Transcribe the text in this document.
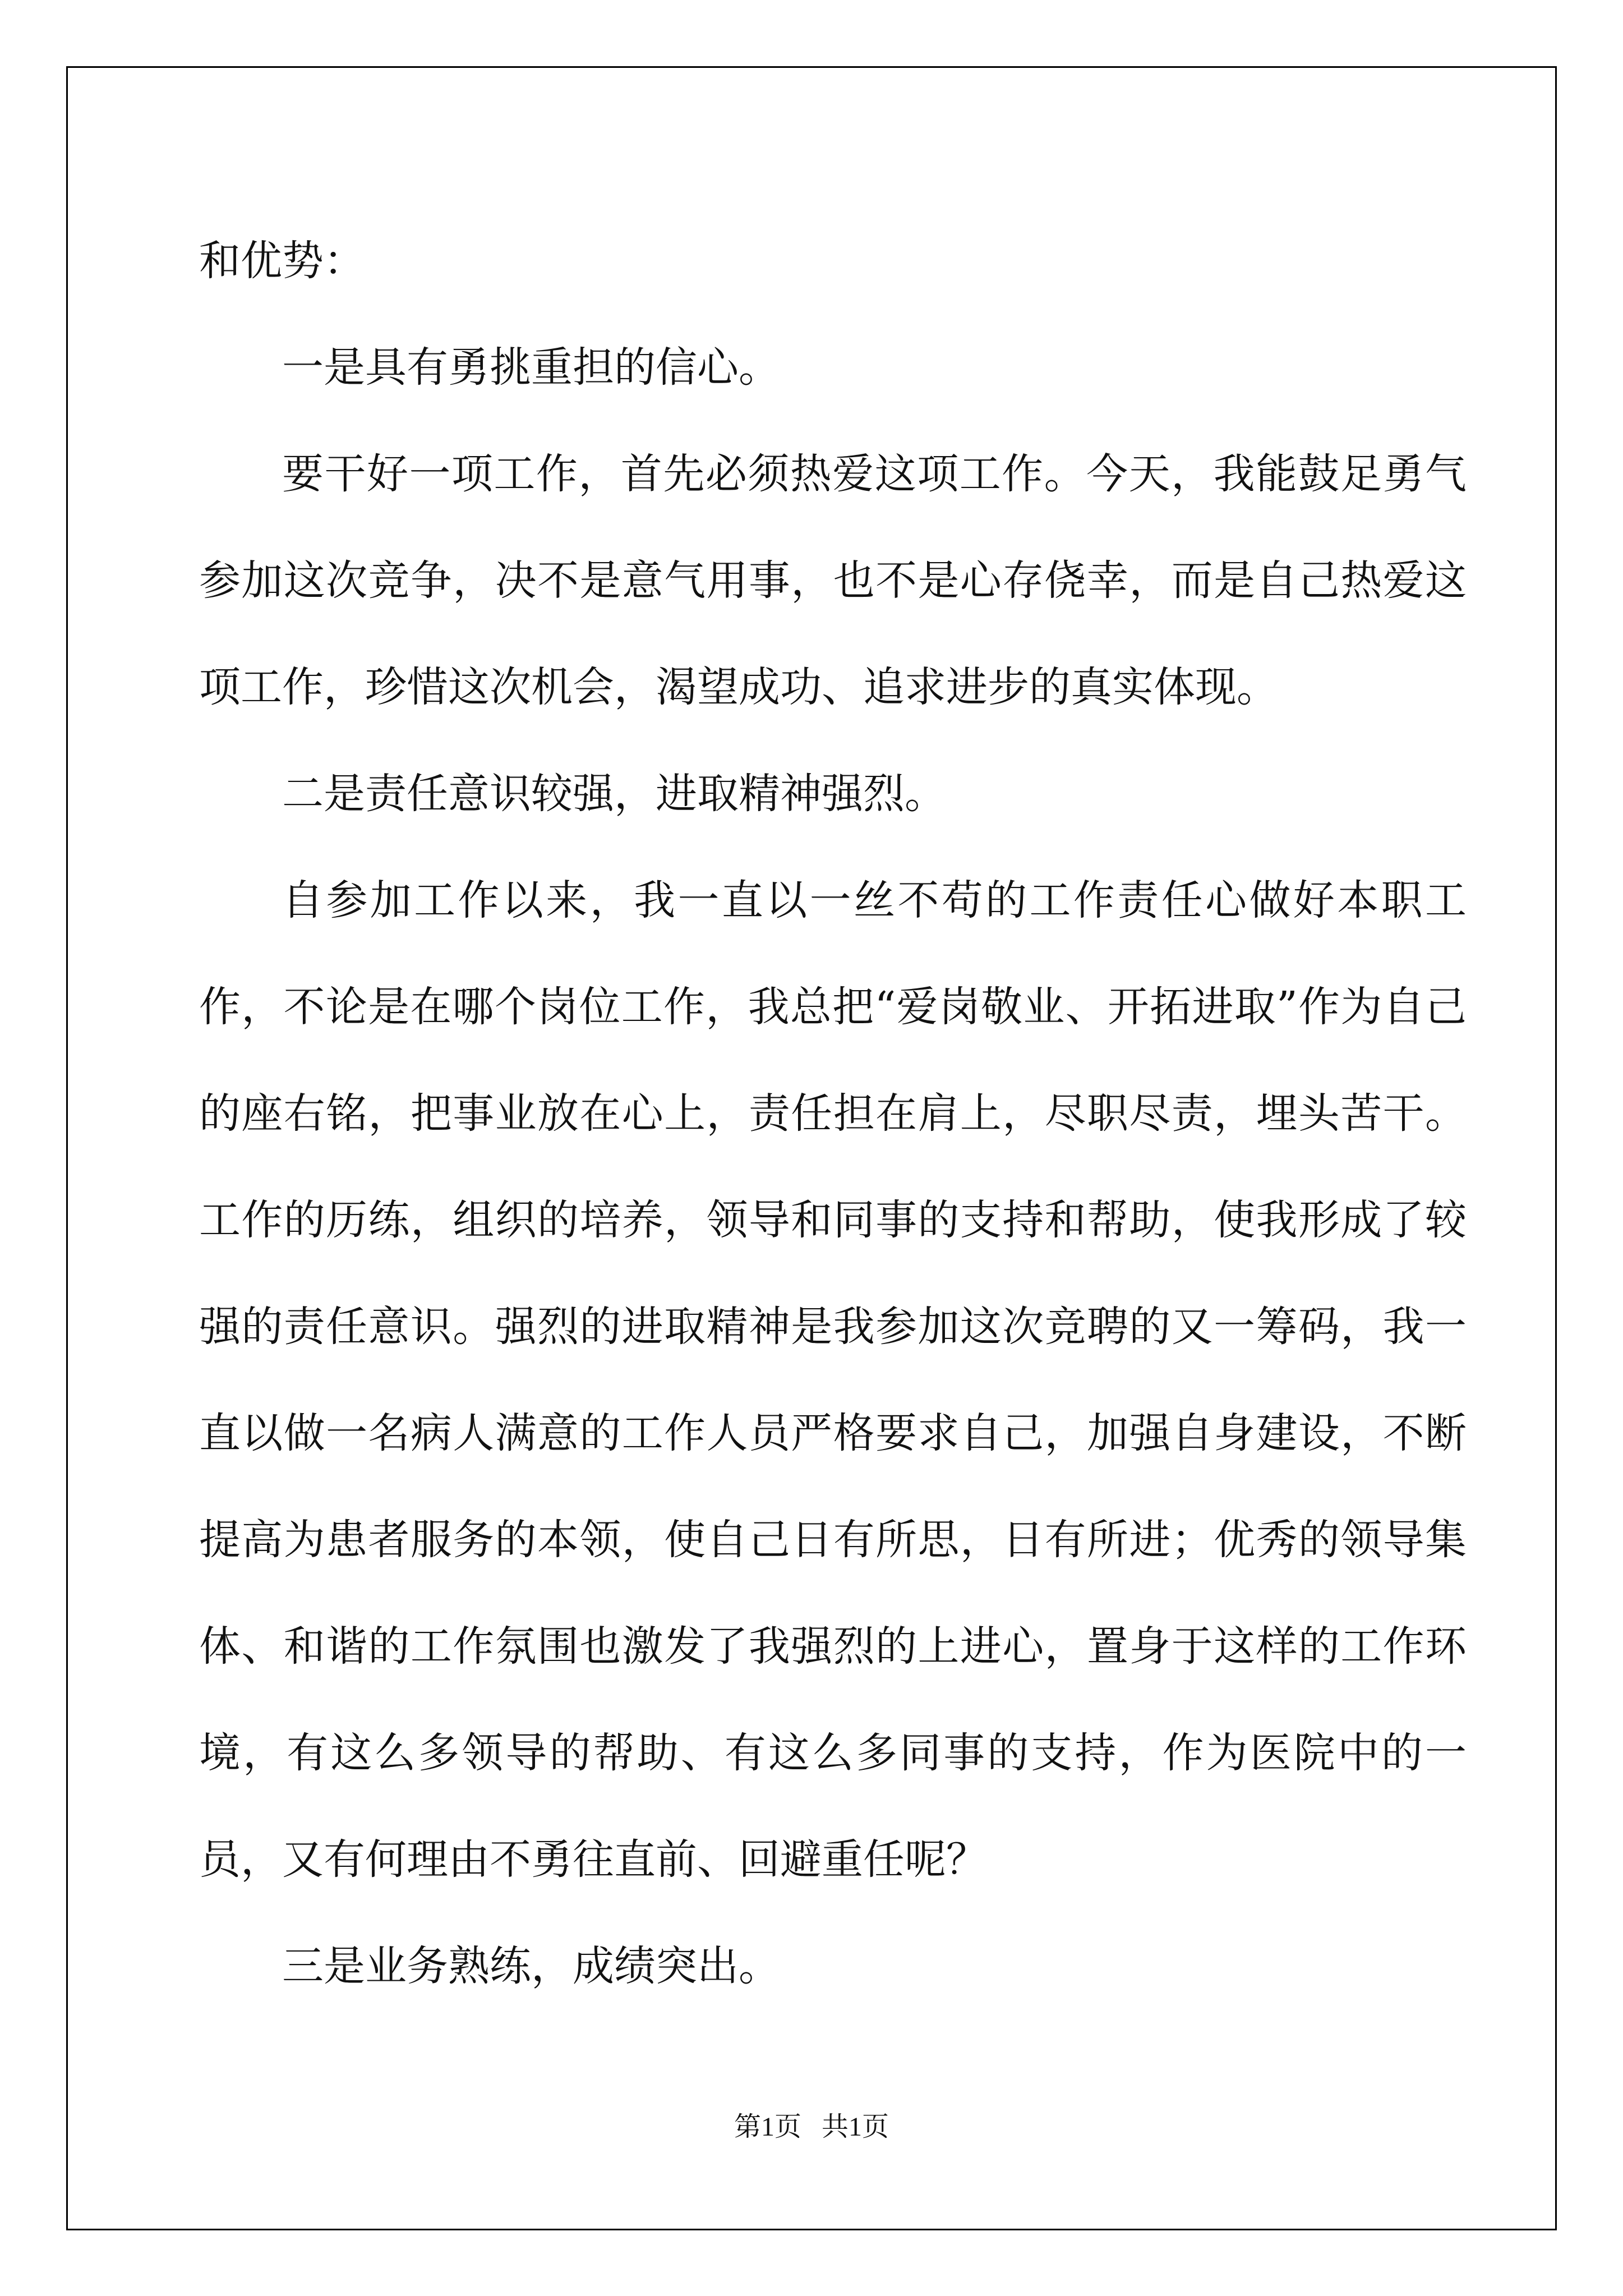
和优势：

一是具有勇挑重担的信心。

要干好一项工作，首先必须热爱这项工作。今天，我能鼓足勇气参加这次竞争，决不是意气用事，也不是心存侥幸，而是自己热爱这项工作，珍惜这次机会，渴望成功、追求进步的真实体现。

二是责任意识较强，进取精神强烈。

自参加工作以来，我一直以一丝不苟的工作责任心做好本职工作，不论是在哪个岗位工作，我总把“爱岗敬业、开拓进取”作为自己的座右铭，把事业放在心上，责任担在肩上，尽职尽责，埋头苦干。工作的历练，组织的培养，领导和同事的支持和帮助，使我形成了较强的责任意识。强烈的进取精神是我参加这次竞聘的又一筹码，我一直以做一名病人满意的工作人员严格要求自己，加强自身建设，不断提高为患者服务的本领，使自己日有所思，日有所进；优秀的领导集体、和谐的工作氛围也激发了我强烈的上进心，置身于这样的工作环境，有这么多领导的帮助、有这么多同事的支持，作为医院中的一员，又有何理由不勇往直前、回避重任呢？

三是业务熟练，成绩突出。

第1页   共1页
